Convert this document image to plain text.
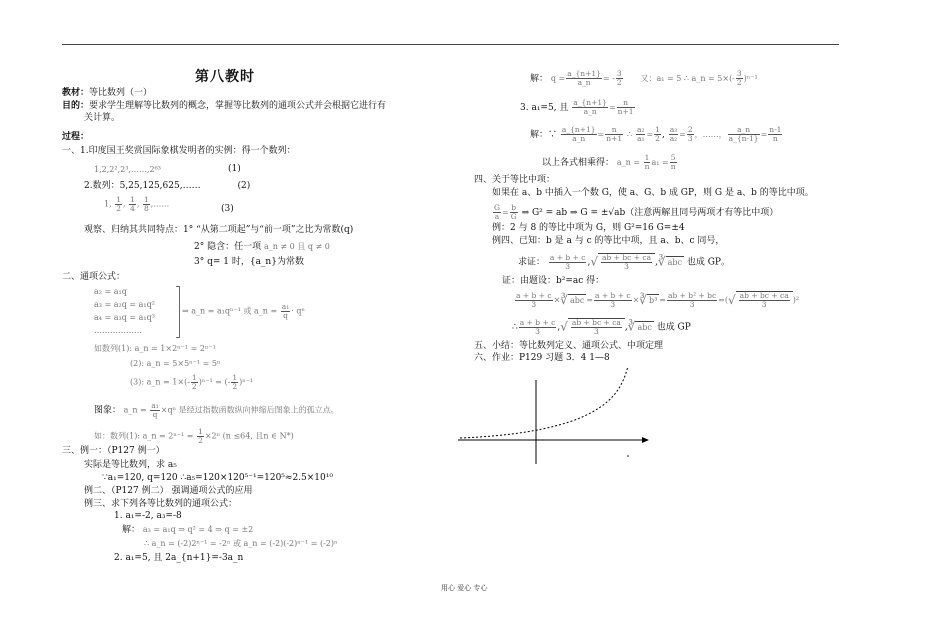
第八教时
教材：等比数列（一）
目的：要求学生理解等比数列的概念，掌握等比数列的通项公式并会根据它进行有
关计算。
过程：
一、1.印度国王奖赏国际象棋发明者的实例：得一个数列：
1,2,2²,2³,……,2⁶³	(1)
2.数列：5,25,125,625,……	(2)
1, $\frac{1}{2}$ , $\frac{1}{4}$ , $\frac{1}{8}$ ,……	(3)
观察、归纳其共同特点：1° “从第二项起”与“前一项”之比为常数(q)
2° 隐含：任一项 a_n ≠ 0 且 q ≠ 0
3° q= 1 时，{a_n}为常数
二、通项公式：
a₂ = a₁q
a₃ = a₂q = a₁q²
a₄ = a₃q = a₁q³
………………
⇒ a_n = a₁qⁿ⁻¹ 或 a_n = $\frac{\text{a₁}}{q} \cdot q^n$
如数列(1): a_n = 1×2ⁿ⁻¹ = 2ⁿ⁻¹
(2): a_n = 5×5ⁿ⁻¹ = 5ⁿ
(3): a_n = $1\times(- \frac{1}{2} )^{n-1}$ = (- $\frac{1}{2} )^{n-1}$
图象： a_n = $\frac{\text{a₁}}{q} \times q^n$ 是经过指数函数纵向伸缩后图象上的孤立点。
如：数列(1): a_n = $2^{n-1} = \frac{1}{2} \times 2^n$ (n ≤64, 且n ∈ N*)
三、例一：（P127 例一）
实际是等比数列，求 a₅
∵a₁=120, q=120 ∴a₅=120×120⁵⁻¹=120⁵≈2.5×10¹⁰
例二、（P127 例二） 强调通项公式的应用
例三、求下列各等比数列的通项公式：
1. a₁=-2, a₃=-8
解： a₃ = a₁q ⇒ q² = 4 ⇒ q = ±2
∴ a_n = (-2)2ⁿ⁻¹ = -2ⁿ 或 a_n = (-2)(-2)ⁿ⁻¹ = (-2)ⁿ
2. a₁=5, 且 2a_{n+1}=-3a_n
解： $q = \frac{a\_\{n+1\}}{a\_n}$ = - $\frac{3}{2}$ 又：a₁ = 5 ∴ a_n = $5\times(- \frac{3}{2} )^{n-1}$
3. a₁=5, 且 $\frac{a\_\{n+1\}}{a\_n} = \frac{n}{n+1}$
解：∵ $\frac{a\_\{n+1\}}{a\_n} = \frac{n}{n+1}$ ∴ $\frac{\text{a₂}}{\text{a₁}} = \frac{1}{2}$ , $\frac{\text{a₃}}{\text{a₂}} = \frac{2}{3}$ ，……， $\frac{a\_n}{a\_\{n-1\}} = \frac{n-1}{n}$
以上各式相乘得： a_n = $\frac{1}{n} a_1 = \frac{5}{n}$
四、关于等比中项：
如果在 a、b 中插入一个数 G，使 a、G、b 成 GP，则 G 是 a、b 的等比中项。
$\frac{G}{a} = \frac{b}{G}$ ⇒ G² = ab ⇒ G = ±√ab（注意两解且同号两项才有等比中项）
例：2 与 8 的等比中项为 G，则 G²=16 G=±4
例四、已知：b 是 a 与 c 的等比中项，且 a、b、c 同号，
求证： $\frac{a + b + c}{3}$ ,√ $\frac{ab + bc + ca}{3}$ ,∛ abc 也成 GP。
证：由题设：b²=ac 得：
$\frac{a + b + c}{3}$ ×∛ abc = $\frac{a + b + c}{3}$ ×∛ $b^3 = \frac{\text{ab + b² + bc}}{3}$ =(√ $\frac{ab + bc + ca}{3} )^2$
∴ $\frac{a + b + c}{3}$ ,√ $\frac{ab + bc + ca}{3}$ ,∛ abc 也成 GP
五、小结：等比数列定义、通项公式、中项定理
六、作业：P129 习题 3．4 1—8
用心 爱心 专心
